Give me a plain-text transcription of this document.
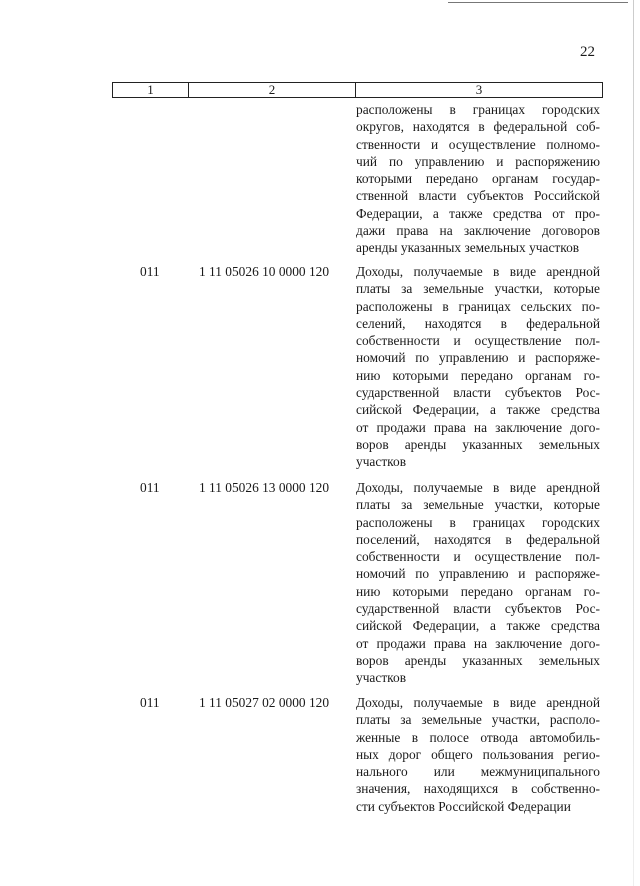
22
1	2	3
расположены в границах городских
округов, находятся в федеральной соб-
ственности и осуществление полномо-
чий по управлению и распоряжению
которыми передано органам государ-
ственной власти субъектов Российской
Федерации, а также средства от про-
дажи права на заключение договоров
аренды указанных земельных участков
011	1 11 05026 10 0000 120 Доходы, получаемые в виде арендной
платы за земельные участки, которые
расположены в границах сельских по-
селений, находятся в федеральной
собственности и осуществление пол-
номочий по управлению и распоряже-
нию которыми передано органам го-
сударственной власти субъектов Рос-
сийской Федерации, а также средства
от продажи права на заключение дого-
воров аренды указанных земельных
участков
011	1 11 05026 13 0000 120 Доходы, получаемые в виде арендной
платы за земельные участки, которые
расположены в границах городских
поселений, находятся в федеральной
собственности и осуществление пол-
номочий по управлению и распоряже-
нию которыми передано органам го-
сударственной власти субъектов Рос-
сийской Федерации, а также средства
от продажи права на заключение дого-
воров аренды указанных земельных
участков
011	1 11 05027 02 0000 120 Доходы, получаемые в виде арендной
платы за земельные участки, располо-
женные в полосе отвода автомобиль-
ных дорог общего пользования регио-
нального или межмуниципального
значения, находящихся в собственно-
сти субъектов Российской Федерации
